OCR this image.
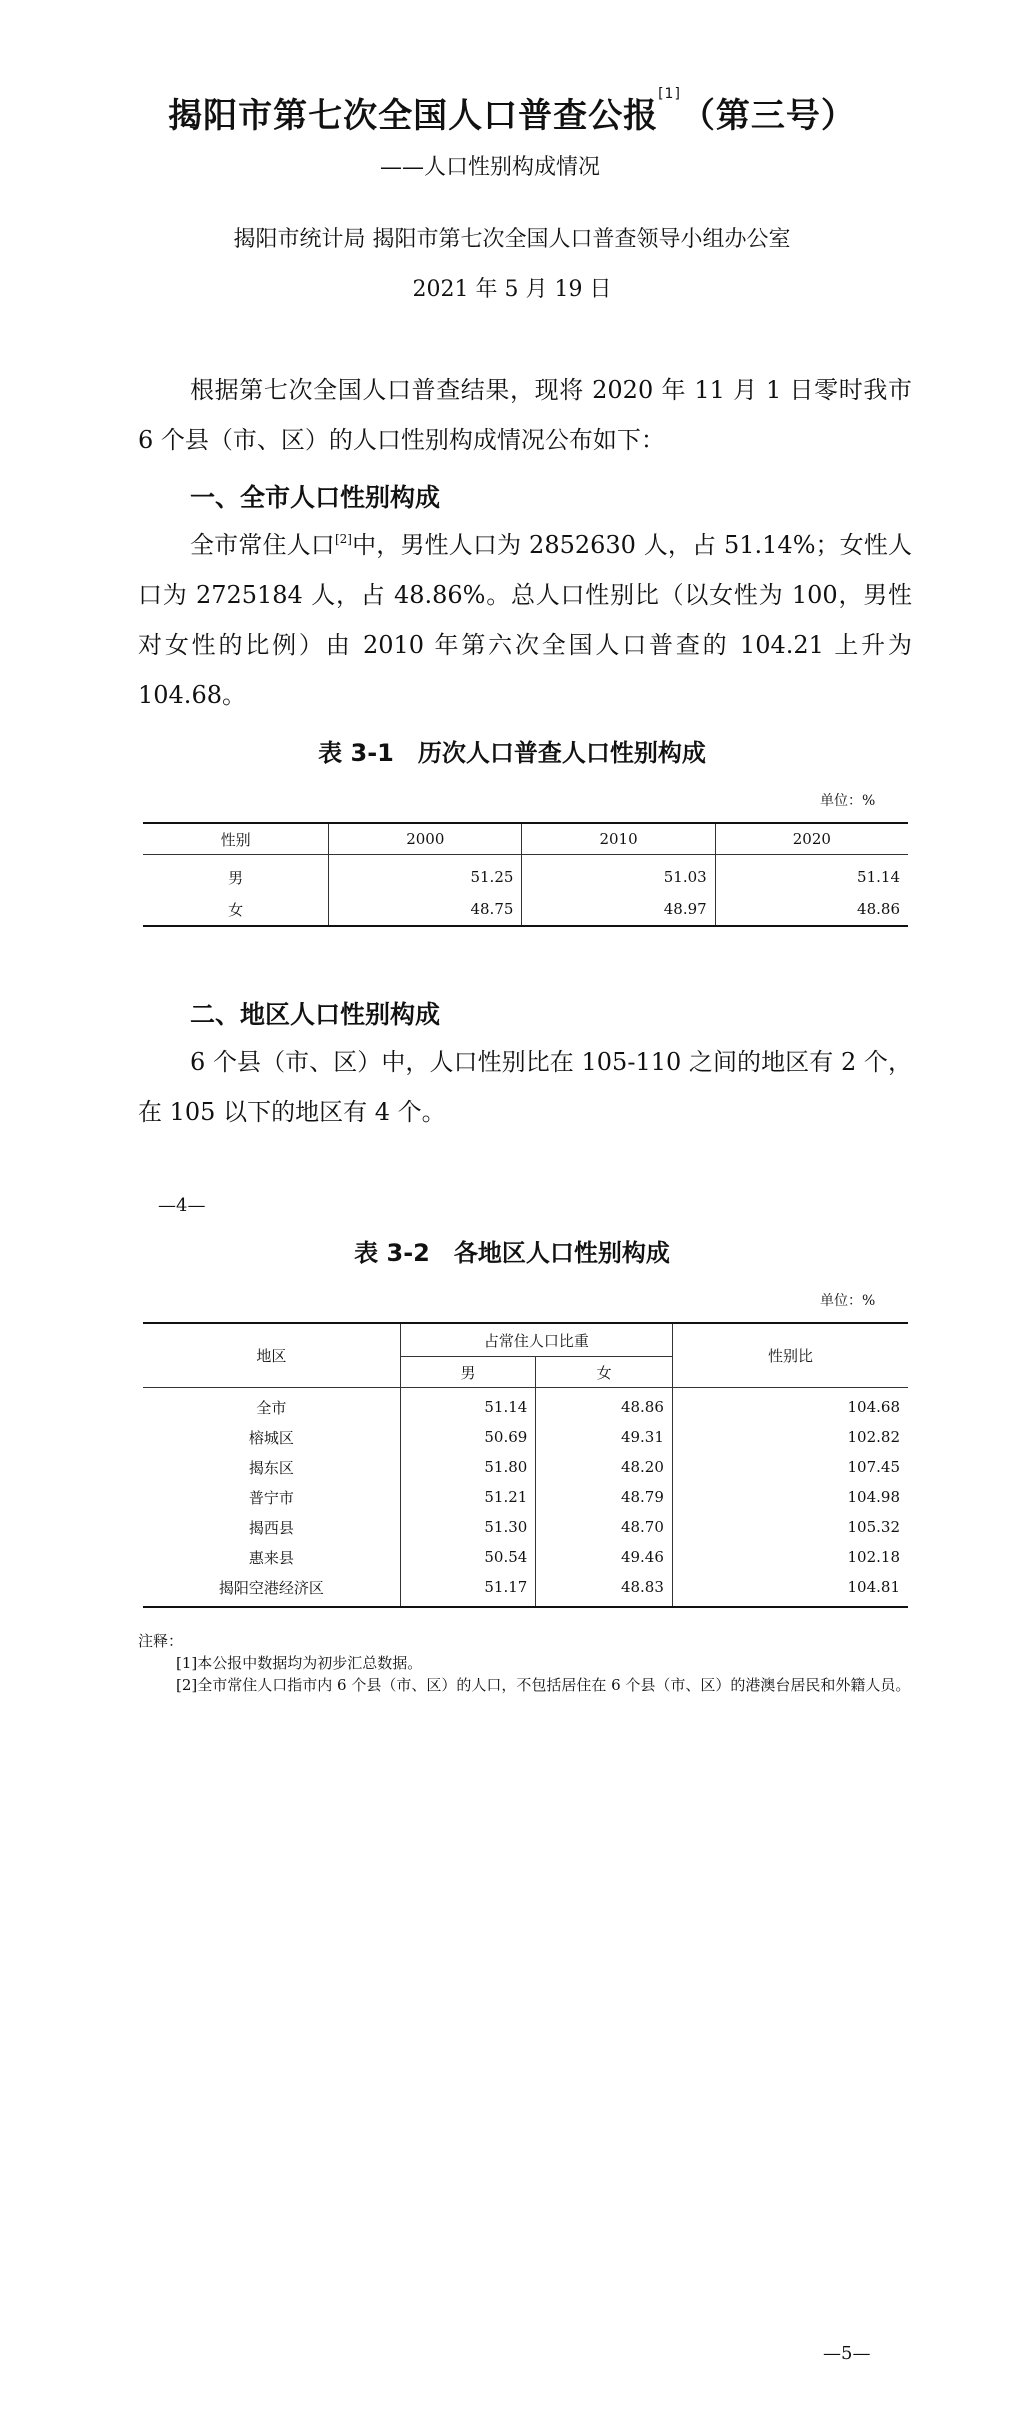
揭阳市第七次全国人口普查公报[1]（第三号）
——人口性别构成情况
揭阳市统计局 揭阳市第七次全国人口普查领导小组办公室
2021 年 5 月 19 日
根据第七次全国人口普查结果，现将 2020 年 11 月 1 日零时我市 6 个县（市、区）的人口性别构成情况公布如下：
一、全市人口性别构成
全市常住人口[2]中，男性人口为 2852630 人，占 51.14%；女性人口为 2725184 人，占 48.86%。总人口性别比（以女性为 100，男性对女性的比例）由 2010 年第六次全国人口普查的 104.21 上升为 104.68。
表 3-1　历次人口普查人口性别构成
单位：%
性别	2000	2010	2020
男	51.25	51.03	51.14
女	48.75	48.97	48.86
二、地区人口性别构成
6 个县（市、区）中，人口性别比在 105-110 之间的地区有 2 个，在 105 以下的地区有 4 个。
—4—
表 3-2　各地区人口性别构成
单位：%
地区	占常住人口比重		性别比
	男	女	
全市	51.14	48.86	104.68
榕城区	50.69	49.31	102.82
揭东区	51.80	48.20	107.45
普宁市	51.21	48.79	104.98
揭西县	51.30	48.70	105.32
惠来县	50.54	49.46	102.18
揭阳空港经济区	51.17	48.83	104.81

注释：

[1]本公报中数据均为初步汇总数据。

[2]全市常住人口指市内 6 个县（市、区）的人口，不包括居住在 6 个县（市、区）的港澳台居民和外籍人员。

—5—
